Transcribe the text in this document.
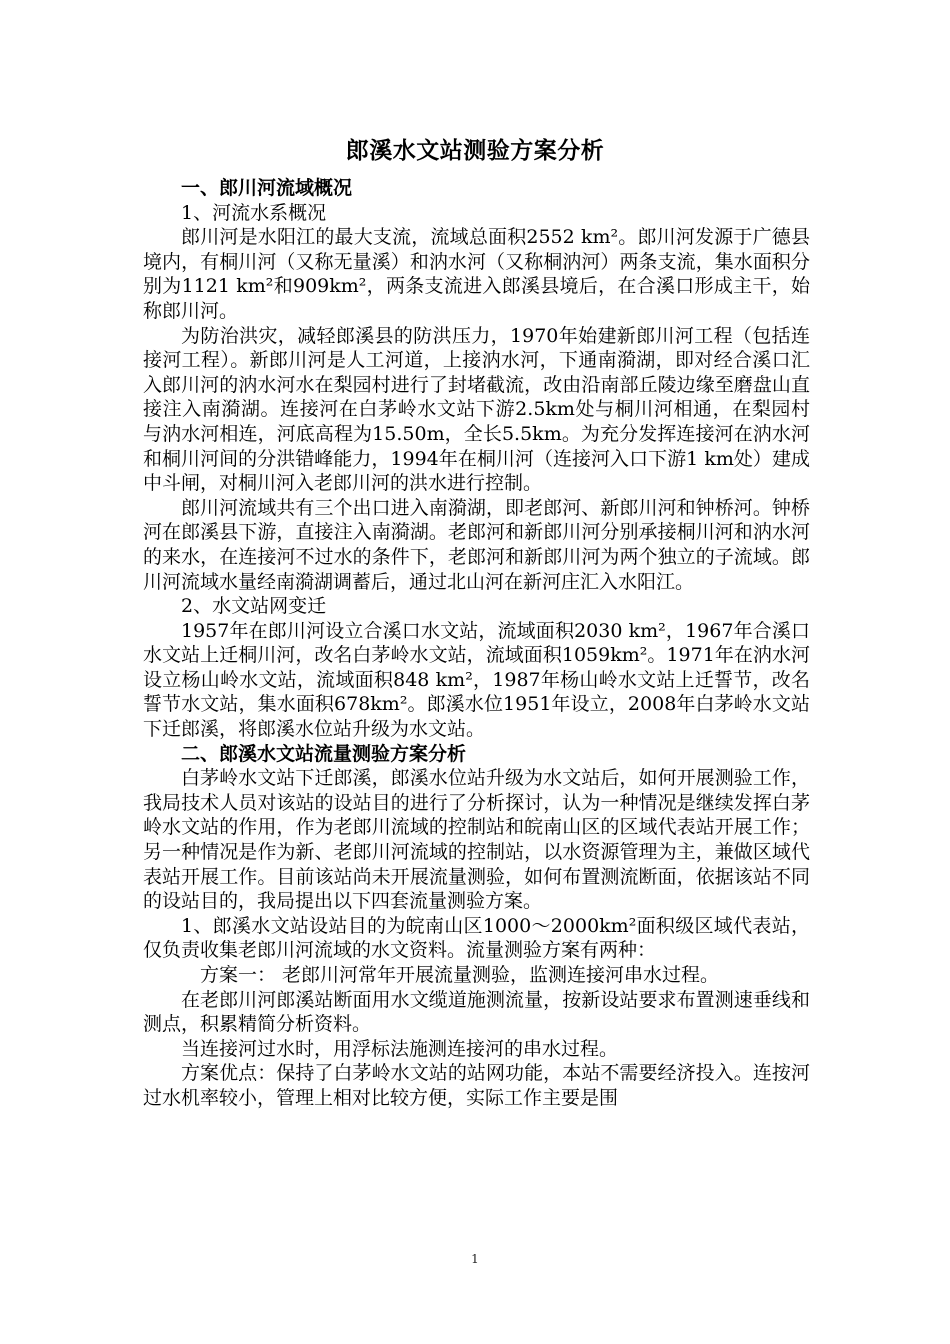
郎溪水文站测验方案分析

一、郎川河流域概况

1、河流水系概况

郎川河是水阳江的最大支流，流域总面积2552 km²。郎川河发源于广德县境内，有桐川河（又称无量溪）和汭水河（又称桐汭河）两条支流，集水面积分别为1121 km²和909km²，两条支流进入郎溪县境后，在合溪口形成主干，始称郎川河。

为防治洪灾，减轻郎溪县的防洪压力，1970年始建新郎川河工程（包括连接河工程）。新郎川河是人工河道，上接汭水河，下通南漪湖，即对经合溪口汇入郎川河的汭水河水在梨园村进行了封堵截流，改由沿南部丘陵边缘至磨盘山直接注入南漪湖。连接河在白茅岭水文站下游2.5km处与桐川河相通，在梨园村与汭水河相连，河底高程为15.50m，全长5.5km。为充分发挥连接河在汭水河和桐川河间的分洪错峰能力，1994年在桐川河（连接河入口下游1 km处）建成中斗闸，对桐川河入老郎川河的洪水进行控制。

郎川河流域共有三个出口进入南漪湖，即老郎河、新郎川河和钟桥河。钟桥河在郎溪县下游，直接注入南漪湖。老郎河和新郎川河分别承接桐川河和汭水河的来水，在连接河不过水的条件下，老郎河和新郎川河为两个独立的子流域。郎川河流域水量经南漪湖调蓄后，通过北山河在新河庄汇入水阳江。

2、水文站网变迁

1957年在郎川河设立合溪口水文站，流域面积2030 km²，1967年合溪口水文站上迁桐川河，改名白茅岭水文站，流域面积1059km²。1971年在汭水河设立杨山岭水文站，流域面积848 km²，1987年杨山岭水文站上迁誓节，改名誓节水文站，集水面积678km²。郎溪水位1951年设立，2008年白茅岭水文站下迁郎溪，将郎溪水位站升级为水文站。

二、郎溪水文站流量测验方案分析

白茅岭水文站下迁郎溪，郎溪水位站升级为水文站后，如何开展测验工作，我局技术人员对该站的设站目的进行了分析探讨，认为一种情况是继续发挥白茅岭水文站的作用，作为老郎川流域的控制站和皖南山区的区域代表站开展工作；另一种情况是作为新、老郎川河流域的控制站，以水资源管理为主，兼做区域代表站开展工作。目前该站尚未开展流量测验，如何布置测流断面，依据该站不同的设站目的，我局提出以下四套流量测验方案。

1、郎溪水文站设站目的为皖南山区1000～2000km²面积级区域代表站，仅负责收集老郎川河流域的水文资料。流量测验方案有两种：

方案一： 老郎川河常年开展流量测验，监测连接河串水过程。

在老郎川河郎溪站断面用水文缆道施测流量，按新设站要求布置测速垂线和测点，积累精简分析资料。

当连接河过水时，用浮标法施测连接河的串水过程。

方案优点：保持了白茅岭水文站的站网功能，本站不需要经济投入。连按河过水机率较小，管理上相对比较方便，实际工作主要是围

1
